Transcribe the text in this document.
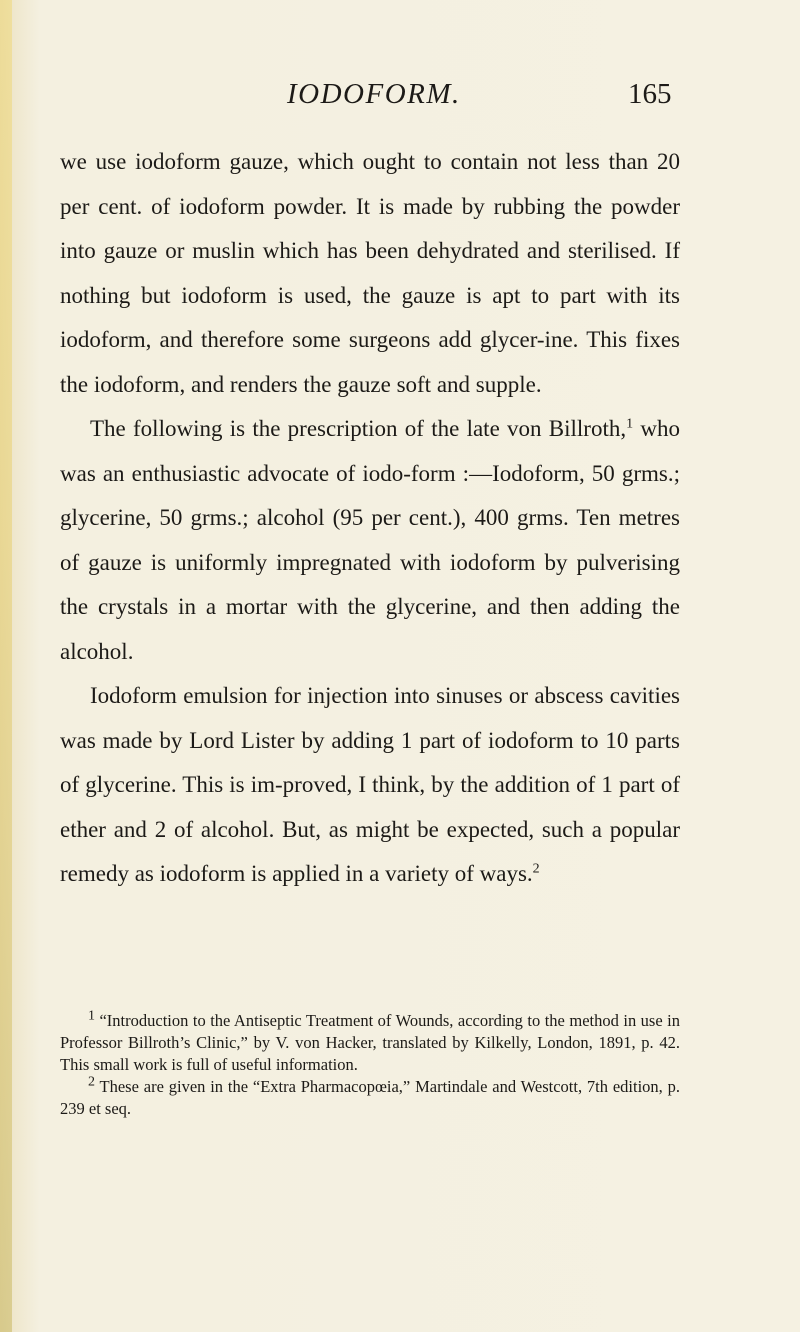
IODOFORM.	165

we use iodoform gauze, which ought to contain not less than 20 per cent. of iodoform powder. It is made by rubbing the powder into gauze or muslin which has been dehydrated and sterilised. If nothing but iodoform is used, the gauze is apt to part with its iodoform, and therefore some surgeons add glycer-ine. This fixes the iodoform, and renders the gauze soft and supple.

The following is the prescription of the late von Billroth,$^1$ who was an enthusiastic advocate of iodo-form :—Iodoform, 50 grms.; glycerine, 50 grms.; alcohol (95 per cent.), 400 grms. Ten metres of gauze is uniformly impregnated with iodoform by pulverising the crystals in a mortar with the glycerine, and then adding the alcohol.

Iodoform emulsion for injection into sinuses or abscess cavities was made by Lord Lister by adding 1 part of iodoform to 10 parts of glycerine. This is im-proved, I think, by the addition of 1 part of ether and 2 of alcohol. But, as might be expected, such a popular remedy as iodoform is applied in a variety of ways.$^2$

$^1$ “Introduction to the Antiseptic Treatment of Wounds, according to the method in use in Professor Billroth’s Clinic,” by V. von Hacker, translated by Kilkelly, London, 1891, p. 42. This small work is full of useful information.

$^2$ These are given in the “Extra Pharmacopœia,” Martindale and Westcott, 7th edition, p. 239 et seq.
